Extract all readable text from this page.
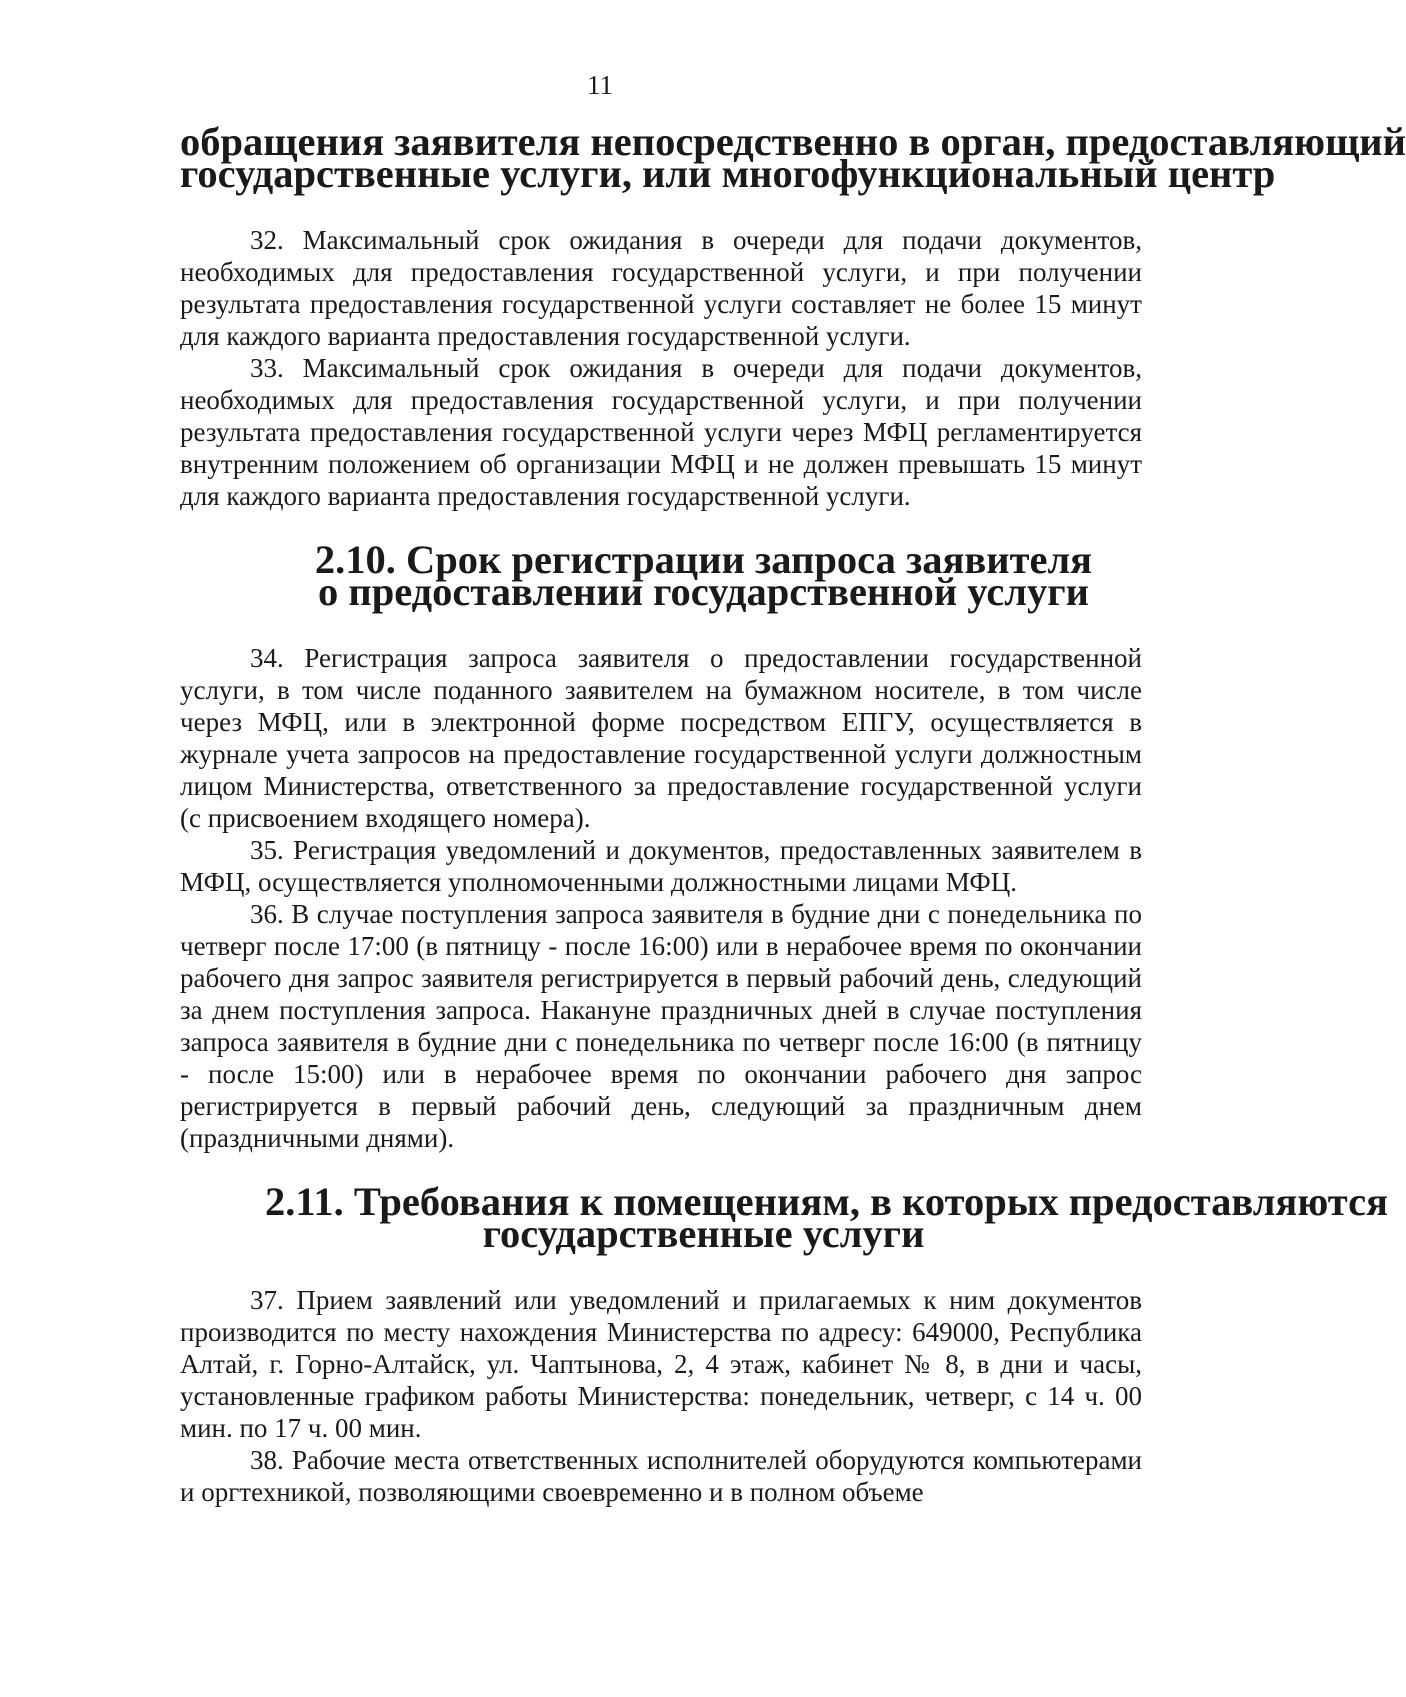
11
обращения заявителя непосредственно в орган, предоставляющий
государственные услуги, или многофункциональный центр

32. Максимальный срок ожидания в очереди для подачи документов, необходимых для предоставления государственной услуги, и при получении результата предоставления государственной услуги составляет не более 15 минут для каждого варианта предоставления государственной услуги.

33. Максимальный срок ожидания в очереди для подачи документов, необходимых для предоставления государственной услуги, и при получении результата предоставления государственной услуги через МФЦ регламентируется внутренним положением об организации МФЦ и не должен превышать 15 минут для каждого варианта предоставления государственной услуги.

2.10. Срок регистрации запроса заявителя
о предоставлении государственной услуги

34. Регистрация запроса заявителя о предоставлении государственной услуги, в том числе поданного заявителем на бумажном носителе, в том числе через МФЦ, или в электронной форме посредством ЕПГУ, осуществляется в журнале учета запросов на предоставление государственной услуги должностным лицом Министерства, ответственного за предоставление государственной услуги (с присвоением входящего номера).

35. Регистрация уведомлений и документов, предоставленных заявителем в МФЦ, осуществляется уполномоченными должностными лицами МФЦ.

36. В случае поступления запроса заявителя в будние дни с понедельника по четверг после 17:00 (в пятницу - после 16:00) или в нерабочее время по окончании рабочего дня запрос заявителя регистрируется в первый рабочий день, следующий за днем поступления запроса. Накануне праздничных дней в случае поступления запроса заявителя в будние дни с понедельника по четверг после 16:00 (в пятницу - после 15:00) или в нерабочее время по окончании рабочего дня запрос регистрируется в первый рабочий день, следующий за праздничным днем (праздничными днями).

2.11. Требования к помещениям, в которых предоставляются
государственные услуги

37. Прием заявлений или уведомлений и прилагаемых к ним документов производится по месту нахождения Министерства по адресу: 649000, Республика Алтай, г. Горно-Алтайск, ул. Чаптынова, 2, 4 этаж, кабинет № 8, в дни и часы, установленные графиком работы Министерства: понедельник, четверг, с 14 ч. 00 мин. по 17 ч. 00 мин.

38. Рабочие места ответственных исполнителей оборудуются компьютерами и оргтехникой, позволяющими своевременно и в полном объеме
